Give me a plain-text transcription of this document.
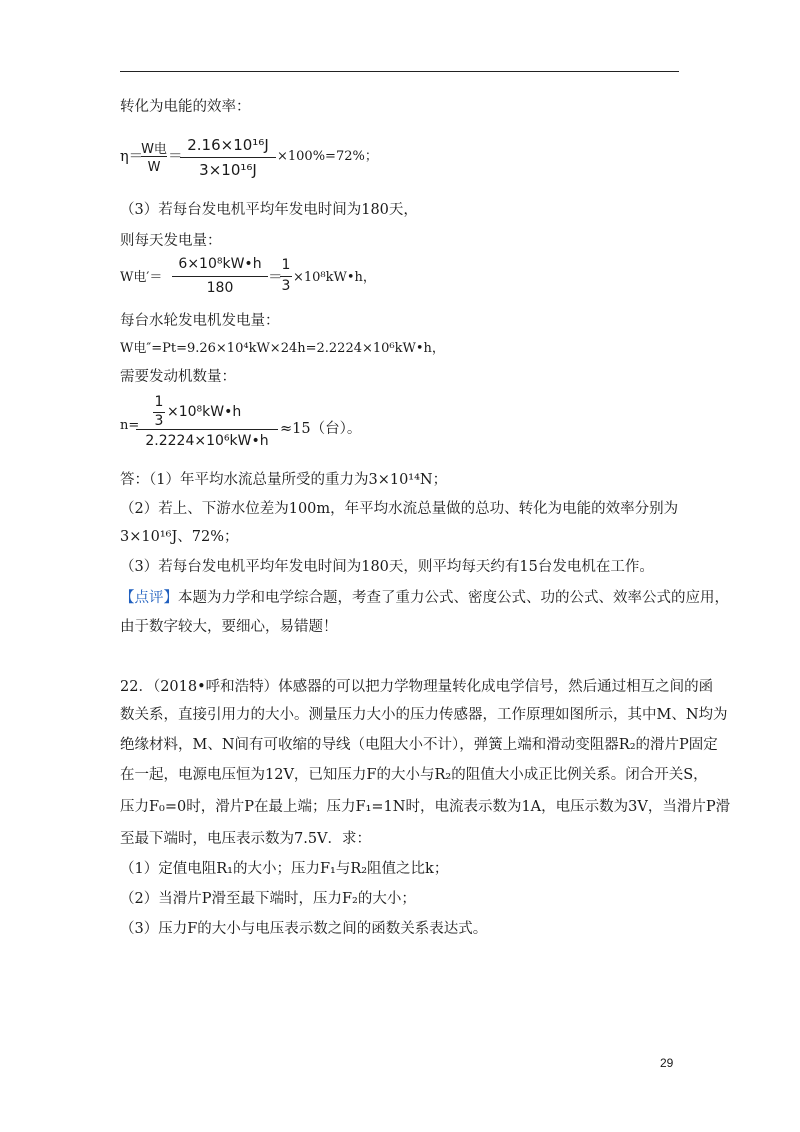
转化为电能的效率：
η＝
W电
W
＝
2.16×10¹⁶J
3×10¹⁶J
×100%=72%；
（3）若每台发电机平均年发电时间为180天，
则每天发电量：
W电′＝
6×10⁸kW•h
180
＝
1
3
×10⁸kW•h，
每台水轮发电机发电量：
W电″=Pt=9.26×10⁴kW×24h=2.2224×10⁶kW•h，
需要发动机数量：
n=
1
3
×10⁸kW•h
2.2224×10⁶kW•h
≈15（台）。
答：（1）年平均水流总量所受的重力为3×10¹⁴N；
（2）若上、下游水位差为100m，年平均水流总量做的总功、转化为电能的效率分别为
3×10¹⁶J、72%；
（3）若每台发电机平均年发电时间为180天，则平均每天约有15台发电机在工作。
【点评】本题为力学和电学综合题，考查了重力公式、密度公式、功的公式、效率公式的应用，
由于数字较大，要细心，易错题！
22．（2018•呼和浩特）体感器的可以把力学物理量转化成电学信号，然后通过相互之间的函
数关系，直接引用力的大小。测量压力大小的压力传感器，工作原理如图所示，其中M、N均为
绝缘材料，M、N间有可收缩的导线（电阻大小不计），弹簧上端和滑动变阻器R₂的滑片P固定
在一起，电源电压恒为12V，已知压力F的大小与R₂的阻值大小成正比例关系。闭合开关S，
压力F₀=0时，滑片P在最上端；压力F₁=1N时，电流表示数为1A，电压示数为3V，当滑片P滑
至最下端时，电压表示数为7.5V．求：
（1）定值电阻R₁的大小；压力F₁与R₂阻值之比k；
（2）当滑片P滑至最下端时，压力F₂的大小；
（3）压力F的大小与电压表示数之间的函数关系表达式。
29
